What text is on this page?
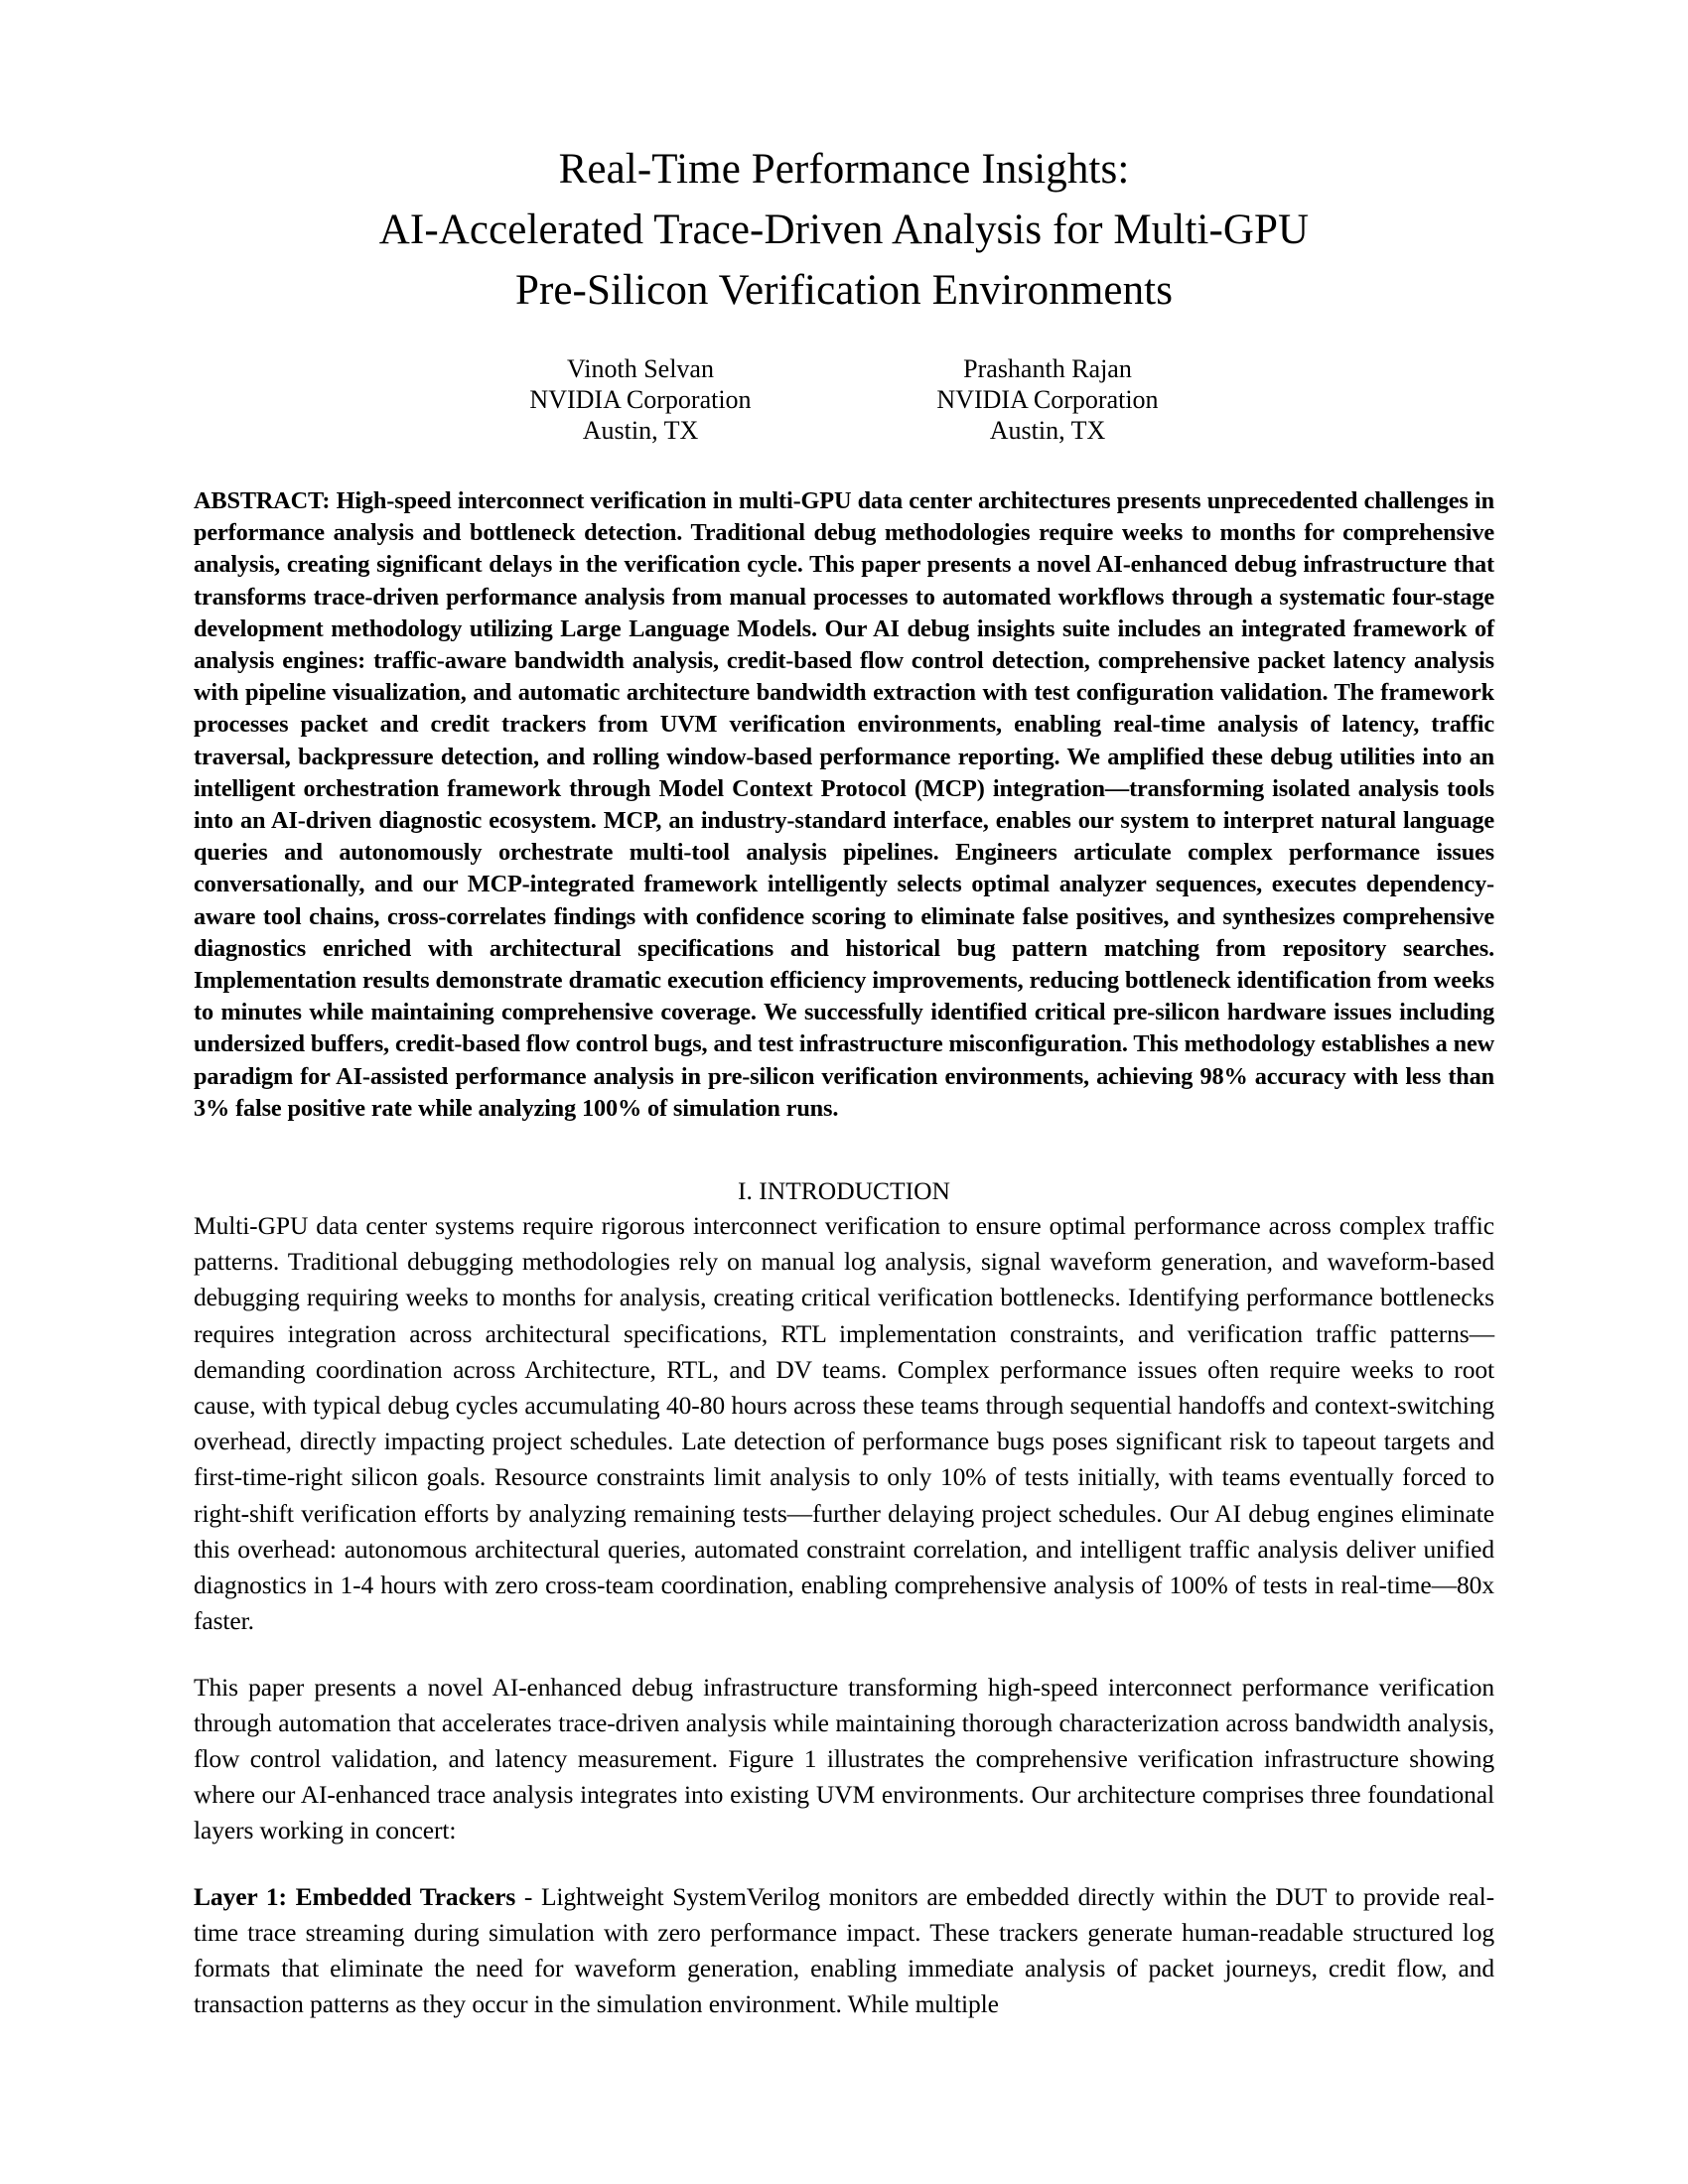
Real-Time Performance Insights:
AI-Accelerated Trace-Driven Analysis for Multi-GPU
Pre-Silicon Verification Environments
Vinoth Selvan
NVIDIA Corporation
Austin, TX
Prashanth Rajan
NVIDIA Corporation
Austin, TX
ABSTRACT: High-speed interconnect verification in multi-GPU data center architectures presents unprecedented challenges in performance analysis and bottleneck detection. Traditional debug methodologies require weeks to months for comprehensive analysis, creating significant delays in the verification cycle. This paper presents a novel AI-enhanced debug infrastructure that transforms trace-driven performance analysis from manual processes to automated workflows through a systematic four-stage development methodology utilizing Large Language Models. Our AI debug insights suite includes an integrated framework of analysis engines: traffic-aware bandwidth analysis, credit-based flow control detection, comprehensive packet latency analysis with pipeline visualization, and automatic architecture bandwidth extraction with test configuration validation. The framework processes packet and credit trackers from UVM verification environments, enabling real-time analysis of latency, traffic traversal, backpressure detection, and rolling window-based performance reporting. We amplified these debug utilities into an intelligent orchestration framework through Model Context Protocol (MCP) integration—transforming isolated analysis tools into an AI-driven diagnostic ecosystem. MCP, an industry-standard interface, enables our system to interpret natural language queries and autonomously orchestrate multi-tool analysis pipelines. Engineers articulate complex performance issues conversationally, and our MCP-integrated framework intelligently selects optimal analyzer sequences, executes dependency-aware tool chains, cross-correlates findings with confidence scoring to eliminate false positives, and synthesizes comprehensive diagnostics enriched with architectural specifications and historical bug pattern matching from repository searches. Implementation results demonstrate dramatic execution efficiency improvements, reducing bottleneck identification from weeks to minutes while maintaining comprehensive coverage. We successfully identified critical pre-silicon hardware issues including undersized buffers, credit-based flow control bugs, and test infrastructure misconfiguration. This methodology establishes a new paradigm for AI-assisted performance analysis in pre-silicon verification environments, achieving 98% accuracy with less than 3% false positive rate while analyzing 100% of simulation runs.
I. INTRODUCTION

Multi-GPU data center systems require rigorous interconnect verification to ensure optimal performance across complex traffic patterns. Traditional debugging methodologies rely on manual log analysis, signal waveform generation, and waveform-based debugging requiring weeks to months for analysis, creating critical verification bottlenecks. Identifying performance bottlenecks requires integration across architectural specifications, RTL implementation constraints, and verification traffic patterns—demanding coordination across Architecture, RTL, and DV teams. Complex performance issues often require weeks to root cause, with typical debug cycles accumulating 40-80 hours across these teams through sequential handoffs and context-switching overhead, directly impacting project schedules. Late detection of performance bugs poses significant risk to tapeout targets and first-time-right silicon goals. Resource constraints limit analysis to only 10% of tests initially, with teams eventually forced to right-shift verification efforts by analyzing remaining tests—further delaying project schedules. Our AI debug engines eliminate this overhead: autonomous architectural queries, automated constraint correlation, and intelligent traffic analysis deliver unified diagnostics in 1-4 hours with zero cross-team coordination, enabling comprehensive analysis of 100% of tests in real-time—80x faster.

This paper presents a novel AI-enhanced debug infrastructure transforming high-speed interconnect performance verification through automation that accelerates trace-driven analysis while maintaining thorough characterization across bandwidth analysis, flow control validation, and latency measurement. Figure 1 illustrates the comprehensive verification infrastructure showing where our AI-enhanced trace analysis integrates into existing UVM environments. Our architecture comprises three foundational layers working in concert:

Layer 1: Embedded Trackers - Lightweight SystemVerilog monitors are embedded directly within the DUT to provide real-time trace streaming during simulation with zero performance impact. These trackers generate human-readable structured log formats that eliminate the need for waveform generation, enabling immediate analysis of packet journeys, credit flow, and transaction patterns as they occur in the simulation environment. While multiple
